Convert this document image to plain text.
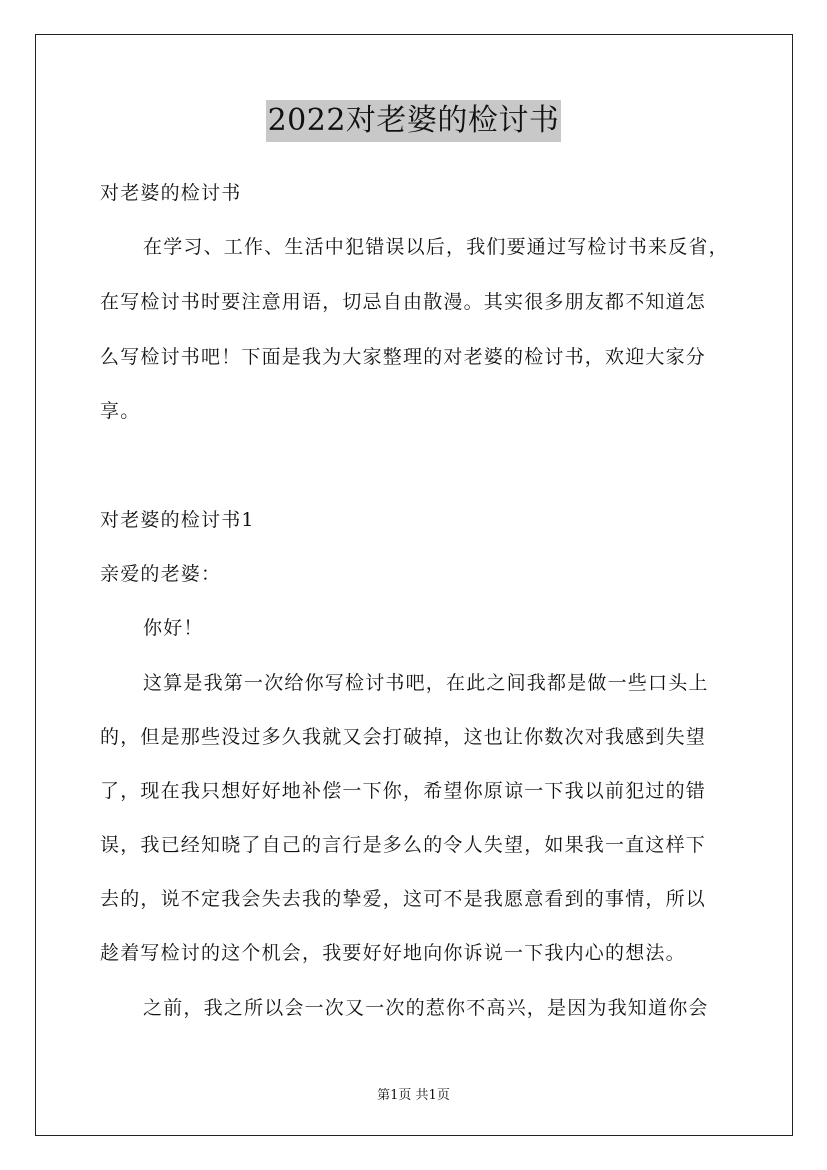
2022对老婆的检讨书
对老婆的检讨书
在学习、工作、生活中犯错误以后，我们要通过写检讨书来反省，
在写检讨书时要注意用语，切忌自由散漫。其实很多朋友都不知道怎
么写检讨书吧！下面是我为大家整理的对老婆的检讨书，欢迎大家分
享。
对老婆的检讨书1
亲爱的老婆：
你好！
这算是我第一次给你写检讨书吧，在此之间我都是做一些口头上
的，但是那些没过多久我就又会打破掉，这也让你数次对我感到失望
了，现在我只想好好地补偿一下你，希望你原谅一下我以前犯过的错
误，我已经知晓了自己的言行是多么的令人失望，如果我一直这样下
去的，说不定我会失去我的挚爱，这可不是我愿意看到的事情，所以
趁着写检讨的这个机会，我要好好地向你诉说一下我内心的想法。
之前，我之所以会一次又一次的惹你不高兴，是因为我知道你会
第1页 共1页
